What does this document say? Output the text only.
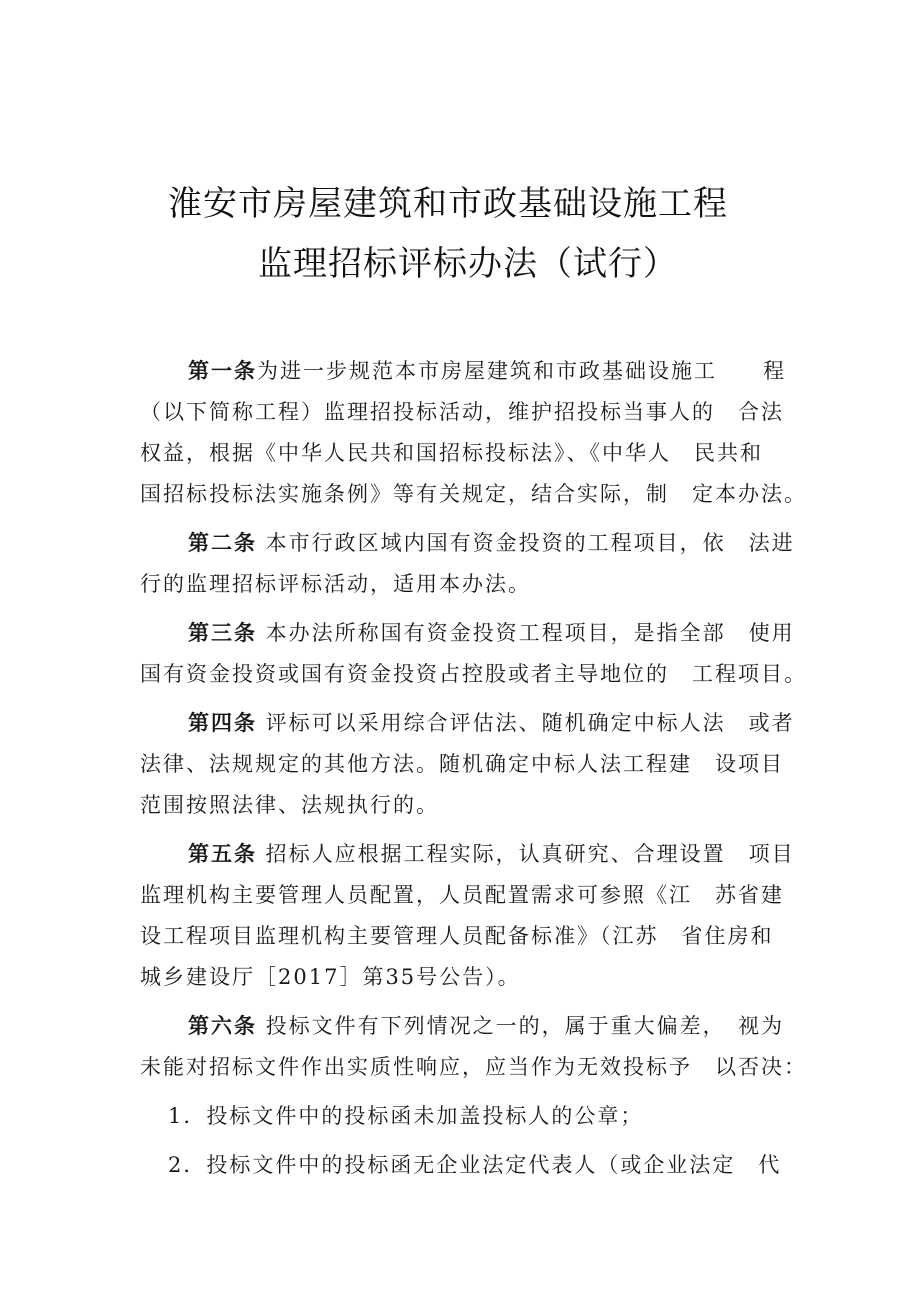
淮安市房屋建筑和市政基础设施工程
监理招标评标办法（试行）
第一条为进一步规范本市房屋建筑和市政基础设施工　　程
（以下简称工程）监理招投标活动，维护招投标当事人的　合法
权益，根据《中华人民共和国招标投标法》、《中华人　民共和
国招标投标法实施条例》等有关规定，结合实际，制　定本办法。
第二条 本市行政区域内国有资金投资的工程项目，依　法进
行的监理招标评标活动，适用本办法。
第三条 本办法所称国有资金投资工程项目，是指全部　使用
国有资金投资或国有资金投资占控股或者主导地位的　工程项目。
第四条 评标可以采用综合评估法、随机确定中标人法　或者
法律、法规规定的其他方法。随机确定中标人法工程建　设项目
范围按照法律、法规执行的。
第五条 招标人应根据工程实际，认真研究、合理设置　项目
监理机构主要管理人员配置，人员配置需求可参照《江　苏省建
设工程项目监理机构主要管理人员配备标准》（江苏　省住房和
城乡建设厅［2017］第35号公告）。
第六条 投标文件有下列情况之一的，属于重大偏差，　视为
未能对招标文件作出实质性响应，应当作为无效投标予　以否决：
1．投标文件中的投标函未加盖投标人的公章；
2．投标文件中的投标函无企业法定代表人（或企业法定　代
